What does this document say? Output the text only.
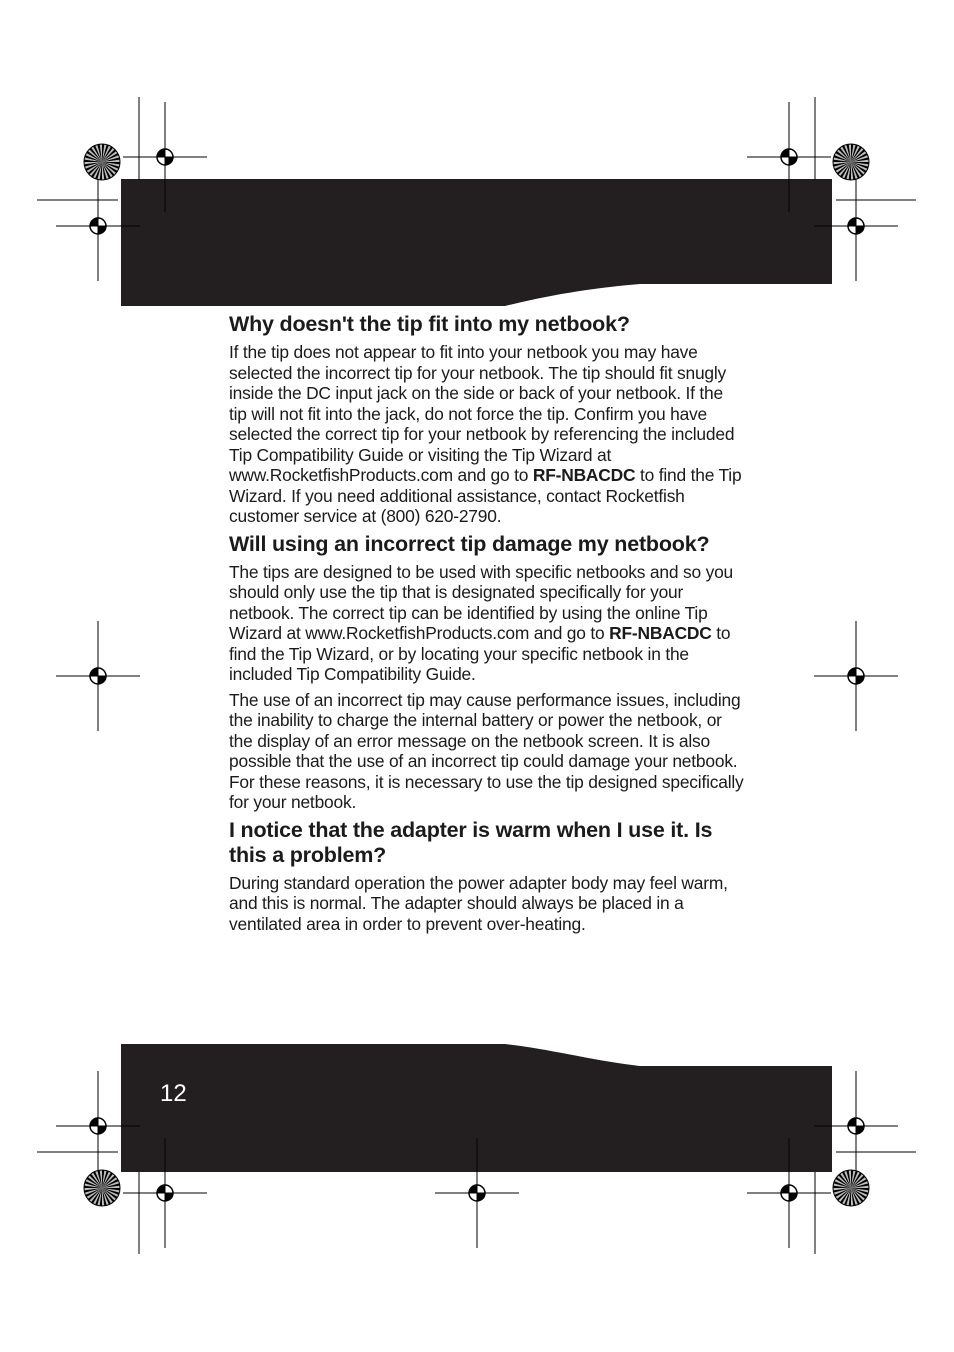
Why doesn't the tip fit into my netbook?

If the tip does not appear to fit into your netbook you may have selected the incorrect tip for your netbook. The tip should fit snugly inside the DC input jack on the side or back of your netbook. If the tip will not fit into the jack, do not force the tip. Confirm you have selected the correct tip for your netbook by referencing the included Tip Compatibility Guide or visiting the Tip Wizard at www.RocketfishProducts.com and go to RF-NBACDC to find the Tip Wizard. If you need additional assistance, contact Rocketfish customer service at (800) 620-2790.

Will using an incorrect tip damage my netbook?

The tips are designed to be used with specific netbooks and so you should only use the tip that is designated specifically for your netbook. The correct tip can be identified by using the online Tip Wizard at www.RocketfishProducts.com and go to RF-NBACDC to find the Tip Wizard, or by locating your specific netbook in the included Tip Compatibility Guide.

The use of an incorrect tip may cause performance issues, including the inability to charge the internal battery or power the netbook, or the display of an error message on the netbook screen. It is also possible that the use of an incorrect tip could damage your netbook. For these reasons, it is necessary to use the tip designed specifically for your netbook.

I notice that the adapter is warm when I use it. Is this a problem?

During standard operation the power adapter body may feel warm, and this is normal. The adapter should always be placed in a ventilated area in order to prevent over-heating.

12
